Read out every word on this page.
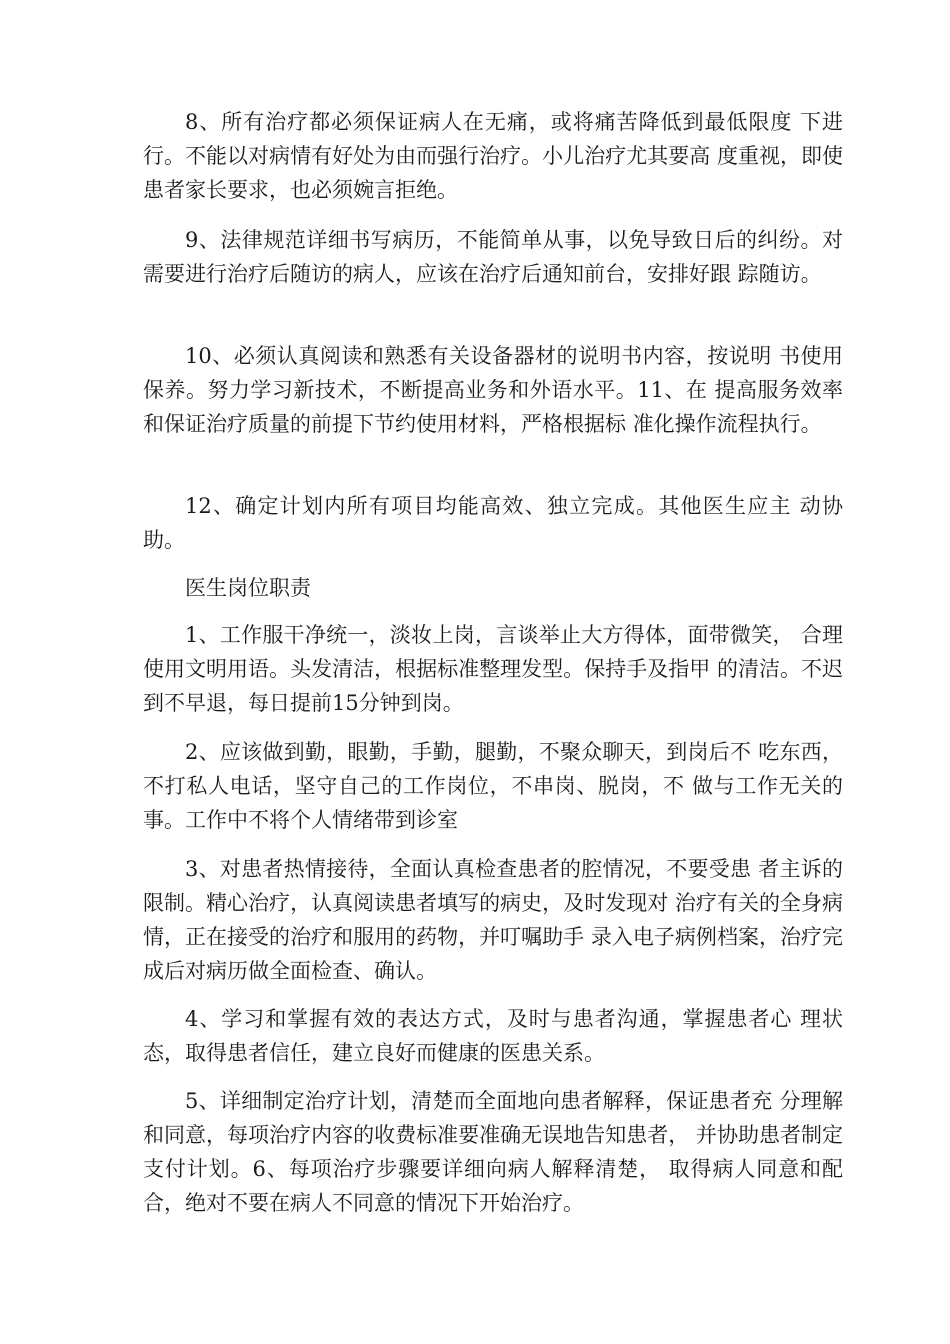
8、所有治疗都必须保证病人在无痛，或将痛苦降低到最低限度 下进行。不能以对病情有好处为由而强行治疗。小儿治疗尤其要高 度重视，即使患者家长要求，也必须婉言拒绝。

9、法律规范详细书写病历，不能简单从事，以免导致日后的纠纷。对需要进行治疗后随访的病人，应该在治疗后通知前台，安排好跟 踪随访。

10、必须认真阅读和熟悉有关设备器材的说明书内容，按说明 书使用保养。努力学习新技术，不断提高业务和外语水平。11、在 提高服务效率和保证治疗质量的前提下节约使用材料，严格根据标 准化操作流程执行。

12、确定计划内所有项目均能高效、独立完成。其他医生应主 动协助。

医生岗位职责

1、工作服干净统一，淡妆上岗，言谈举止大方得体，面带微笑， 合理使用文明用语。头发清洁，根据标准整理发型。保持手及指甲 的清洁。不迟到不早退，每日提前15分钟到岗。

2、应该做到勤，眼勤，手勤，腿勤，不聚众聊天，到岗后不 吃东西，不打私人电话，坚守自己的工作岗位，不串岗、脱岗，不 做与工作无关的事。工作中不将个人情绪带到诊室

3、对患者热情接待，全面认真检查患者的腔情况，不要受患 者主诉的限制。精心治疗，认真阅读患者填写的病史，及时发现对 治疗有关的全身病情，正在接受的治疗和服用的药物，并叮嘱助手 录入电子病例档案，治疗完成后对病历做全面检查、确认。

4、学习和掌握有效的表达方式，及时与患者沟通，掌握患者心 理状态，取得患者信任，建立良好而健康的医患关系。

5、详细制定治疗计划，清楚而全面地向患者解释，保证患者充 分理解和同意，每项治疗内容的收费标准要准确无误地告知患者， 并协助患者制定支付计划。6、每项治疗步骤要详细向病人解释清楚， 取得病人同意和配合，绝对不要在病人不同意的情况下开始治疗。
